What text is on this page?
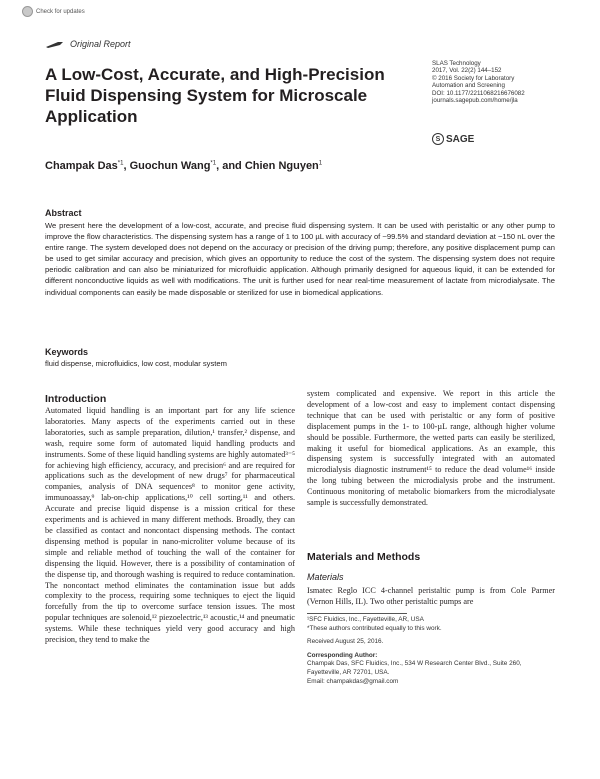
Check for updates
Original Report
A Low-Cost, Accurate, and High-Precision Fluid Dispensing System for Microscale Application
SLAS Technology
2017, Vol. 22(2) 144–152
© 2016 Society for Laboratory
Automation and Screening
DOI: 10.1177/2211068216676082
journals.sagepub.com/home/jla
S SAGE
Champak Das$^{*1}$, Guochun Wang$^{*1}$, and Chien Nguyen$^1$
Abstract
We present here the development of a low-cost, accurate, and precise fluid dispensing system. It can be used with peristaltic or any other pump to improve the flow characteristics. The dispensing system has a range of 1 to 100 µL with accuracy of ~99.5% and standard deviation at ~150 nL over the entire range. The system developed does not depend on the accuracy or precision of the driving pump; therefore, any positive displacement pump can be used to get similar accuracy and precision, which gives an opportunity to reduce the cost of the system. The dispensing system does not require periodic calibration and can also be miniaturized for microfluidic application. Although primarily designed for aqueous liquid, it can be extended for different nonconductive liquids as well with modifications. The unit is further used for near real-time measurement of lactate from microdialysate. The individual components can easily be made disposable or sterilized for use in biomedical applications.
Keywords
fluid dispense, microfluidics, low cost, modular system
Introduction
Automated liquid handling is an important part for any life science laboratories. Many aspects of the experiments carried out in these laboratories, such as sample preparation, dilution,¹ transfer,² dispense, and wash, require some form of automated liquid handling products and instruments. Some of these liquid handling systems are highly automated³⁻⁵ for achieving high efficiency, accuracy, and precision⁶ and are required for applications such as the development of new drugs⁷ for pharmaceutical companies, analysis of DNA sequences⁸ to monitor gene activity, immunoassay,⁹ lab-on-chip applications,¹⁰ cell sorting,¹¹ and others. Accurate and precise liquid dispense is a mission critical for these experiments and is achieved in many different methods. Broadly, they can be classified as contact and noncontact dispensing methods. The contact dispensing method is popular in nano-microliter volume because of its simple and reliable method of touching the wall of the container for dispensing the liquid. However, there is a possibility of contamination of the dispense tip, and thorough washing is required to reduce contamination. The noncontact method eliminates the contamination issue but adds complexity to the process, requiring some techniques to eject the liquid forcefully from the tip to overcome surface tension issues. The most popular techniques are solenoid,¹² piezoelectric,¹³ acoustic,¹⁴ and pneumatic systems. While these techniques yield very good accuracy and high precision, they tend to make the
system complicated and expensive. We report in this article the development of a low-cost and easy to implement contact dispensing technique that can be used with peristaltic or any form of positive displacement pumps in the 1- to 100-µL range, although higher volume should be possible. Furthermore, the wetted parts can easily be sterilized, making it useful for biomedical applications. As an example, this dispensing system is successfully integrated with an automated microdialysis diagnostic instrument¹⁵ to reduce the dead volume¹⁶ inside the long tubing between the microdialysis probe and the instrument. Continuous monitoring of metabolic biomarkers from the microdialysate sample is successfully demonstrated.
Materials and Methods
Materials
Ismatec Reglo ICC 4-channel peristaltic pump is from Cole Parmer (Vernon Hills, IL). Two other peristaltic pumps are
¹SFC Fluidics, Inc., Fayetteville, AR, USA
*These authors contributed equally to this work.
Received August 25, 2016.
Corresponding Author:
Champak Das, SFC Fluidics, Inc., 534 W Research Center Blvd., Suite 260, Fayetteville, AR 72701, USA.
Email: champakdas@gmail.com
